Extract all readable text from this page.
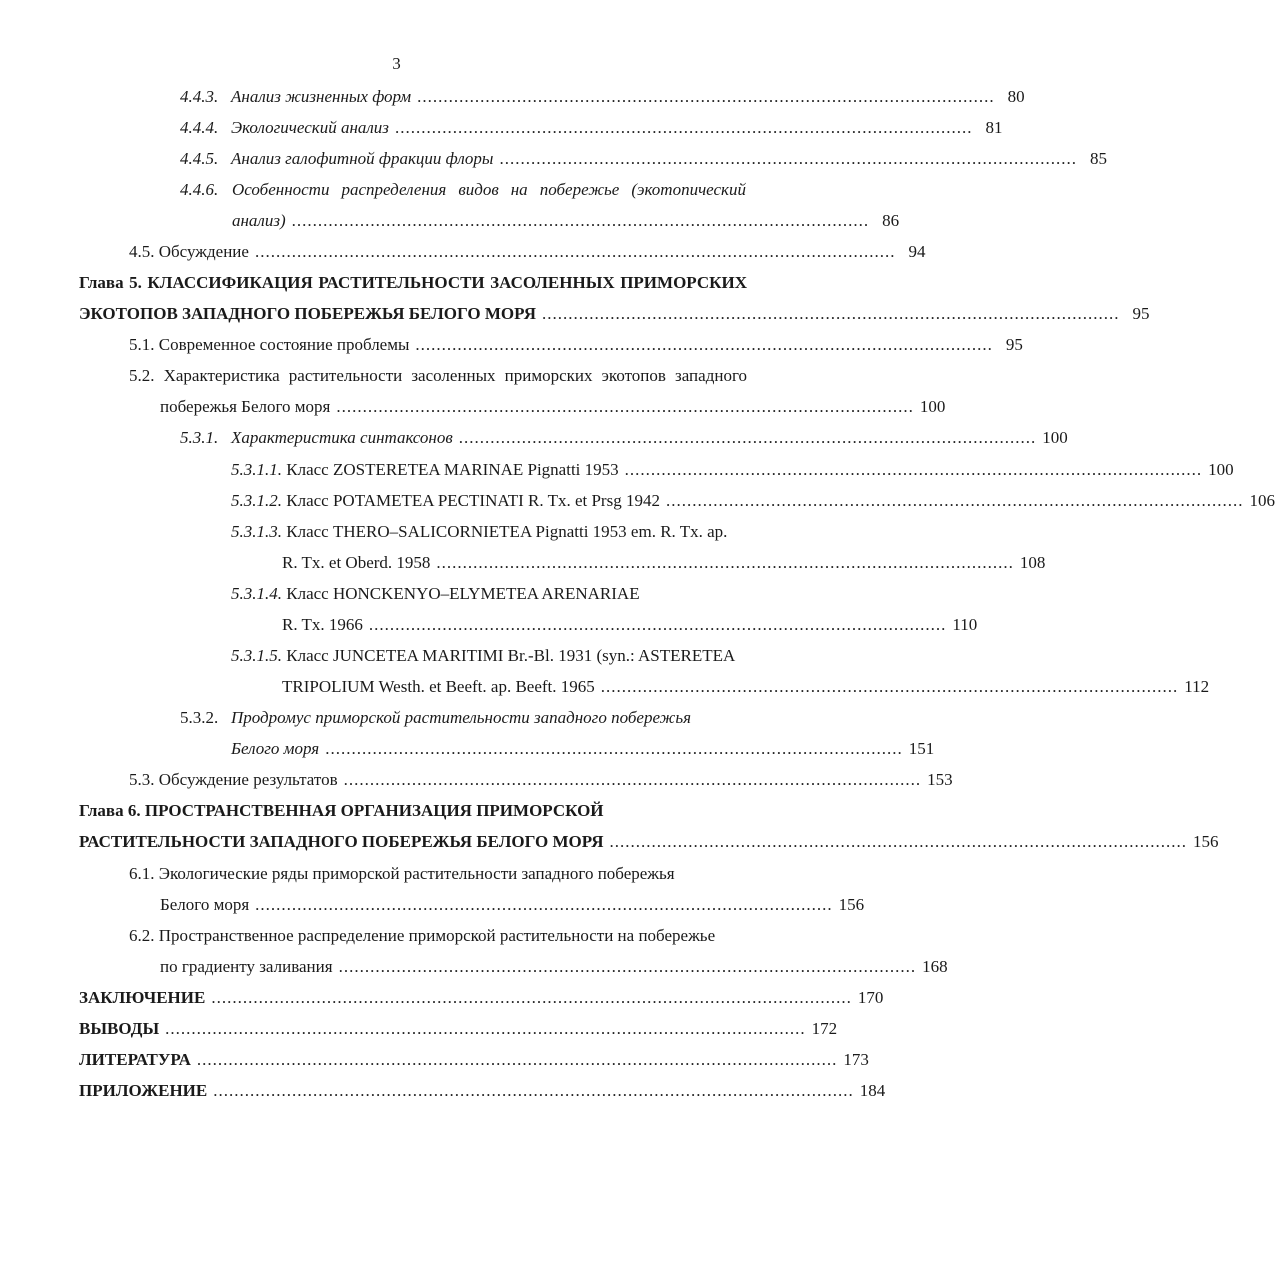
3
4.4.3.
Анализ жизненных форм .............................................................................................................. 80
4.4.4.
Экологический анализ .............................................................................................................. 81
4.4.5.
Анализ галофитной фракции флоры .............................................................................................................. 85
4.4.6. Особенности распределения видов на побережье (экотопический
анализ) .............................................................................................................. 86
4.5. Обсуждение .......................................................................................................................... 94
Глава 5. КЛАССИФИКАЦИЯ РАСТИТЕЛЬНОСТИ ЗАСОЛЕННЫХ ПРИМОРСКИХ
ЭКОТОПОВ ЗАПАДНОГО ПОБЕРЕЖЬЯ БЕЛОГО МОРЯ .............................................................................................................. 95
5.1. Современное состояние проблемы .............................................................................................................. 95
5.2. Характеристика растительности засоленных приморских экотопов западного
побережья Белого моря .............................................................................................................. 100
5.3.1.
Характеристика синтаксонов .............................................................................................................. 100
5.3.1.1.
Класс ZOSTERETEA MARINAE Pignatti 1953 .............................................................................................................. 100
5.3.1.2.
Класс POTAMETEA PECTINATI R. Tx. et Prsg 1942 .............................................................................................................. 106
5.3.1.3. Класс THERO–SALICORNIETEA Pignatti 1953 em. R. Tx. ap.
R. Tx. et Oberd. 1958 .............................................................................................................. 108
5.3.1.4. Класс HONCKENYO–ELYMETEA ARENARIAE
R. Tx. 1966 .............................................................................................................. 110
5.3.1.5. Класс JUNCETEA MARITIMI Br.-Bl. 1931 (syn.: ASTERETEA
TRIPOLIUM Westh. et Beeft. ap. Beeft. 1965 .............................................................................................................. 112
5.3.2. Продромус приморской растительности западного побережья
Белого моря .............................................................................................................. 151
5.3. Обсуждение результатов .............................................................................................................. 153
Глава 6. ПРОСТРАНСТВЕННАЯ ОРГАНИЗАЦИЯ ПРИМОРСКОЙ
РАСТИТЕЛЬНОСТИ ЗАПАДНОГО ПОБЕРЕЖЬЯ БЕЛОГО МОРЯ .............................................................................................................. 156
6.1. Экологические ряды приморской растительности западного побережья
Белого моря .............................................................................................................. 156
6.2. Пространственное распределение приморской растительности на побережье
по градиенту заливания .............................................................................................................. 168
ЗАКЛЮЧЕНИЕ .......................................................................................................................... 170
ВЫВОДЫ .......................................................................................................................... 172
ЛИТЕРАТУРА .......................................................................................................................... 173
ПРИЛОЖЕНИЕ .......................................................................................................................... 184
